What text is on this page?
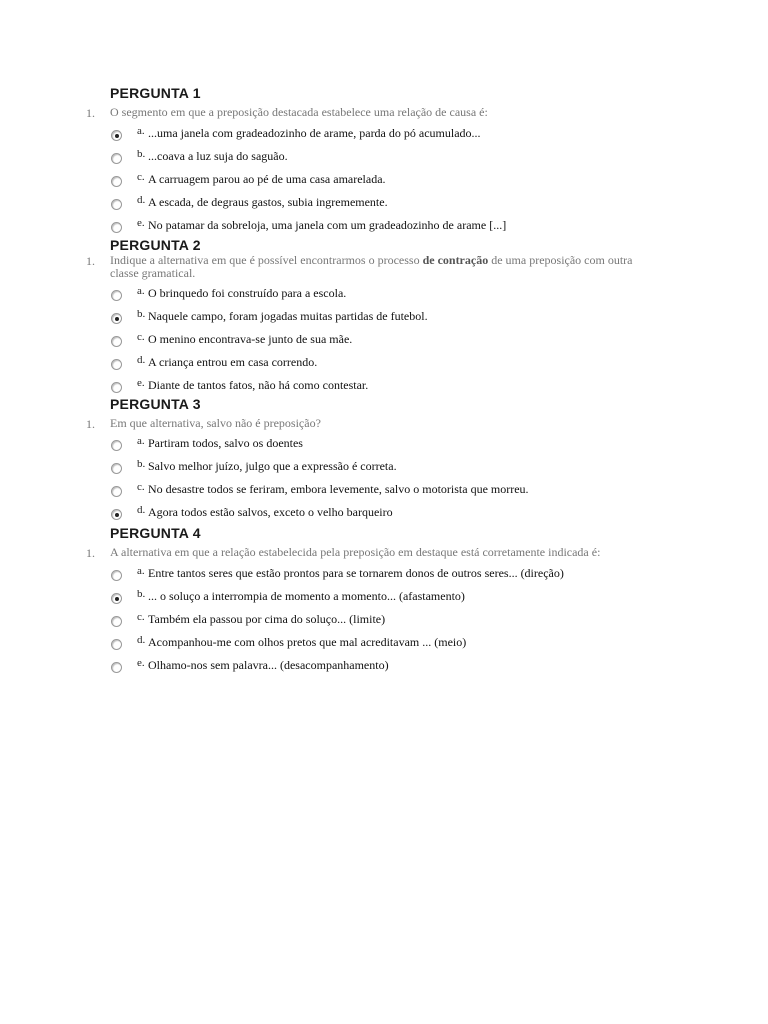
PERGUNTA 1
1. O segmento em que a preposição destacada estabelece uma relação de causa é:
a. ...uma janela com gradeadozinho de arame, parda do pó acumulado...
b. ...coava a luz suja do saguão.
c. A carruagem parou ao pé de uma casa amarelada.
d. A escada, de degraus gastos, subia ingrememente.
e. No patamar da sobreloja, uma janela com um gradeadozinho de arame [...]
PERGUNTA 2
1. Indique a alternativa em que é possível encontrarmos o processo de contração de uma preposição com outra classe gramatical.
a. O brinquedo foi construído para a escola.
b. Naquele campo, foram jogadas muitas partidas de futebol.
c. O menino encontrava-se junto de sua mãe.
d. A criança entrou em casa correndo.
e. Diante de tantos fatos, não há como contestar.
PERGUNTA 3
1. Em que alternativa, salvo não é preposição?
a. Partiram todos, salvo os doentes
b. Salvo melhor juízo, julgo que a expressão é correta.
c. No desastre todos se feriram, embora levemente, salvo o motorista que morreu.
d. Agora todos estão salvos, exceto o velho barqueiro
PERGUNTA 4
1. A alternativa em que a relação estabelecida pela preposição em destaque está corretamente indicada é:
a. Entre tantos seres que estão prontos para se tornarem donos de outros seres... (direção)
b. ... o soluço a interrompia de momento a momento... (afastamento)
c. Também ela passou por cima do soluço... (limite)
d. Acompanhou-me com olhos pretos que mal acreditavam ... (meio)
e. Olhamo-nos sem palavra... (desacompanhamento)
